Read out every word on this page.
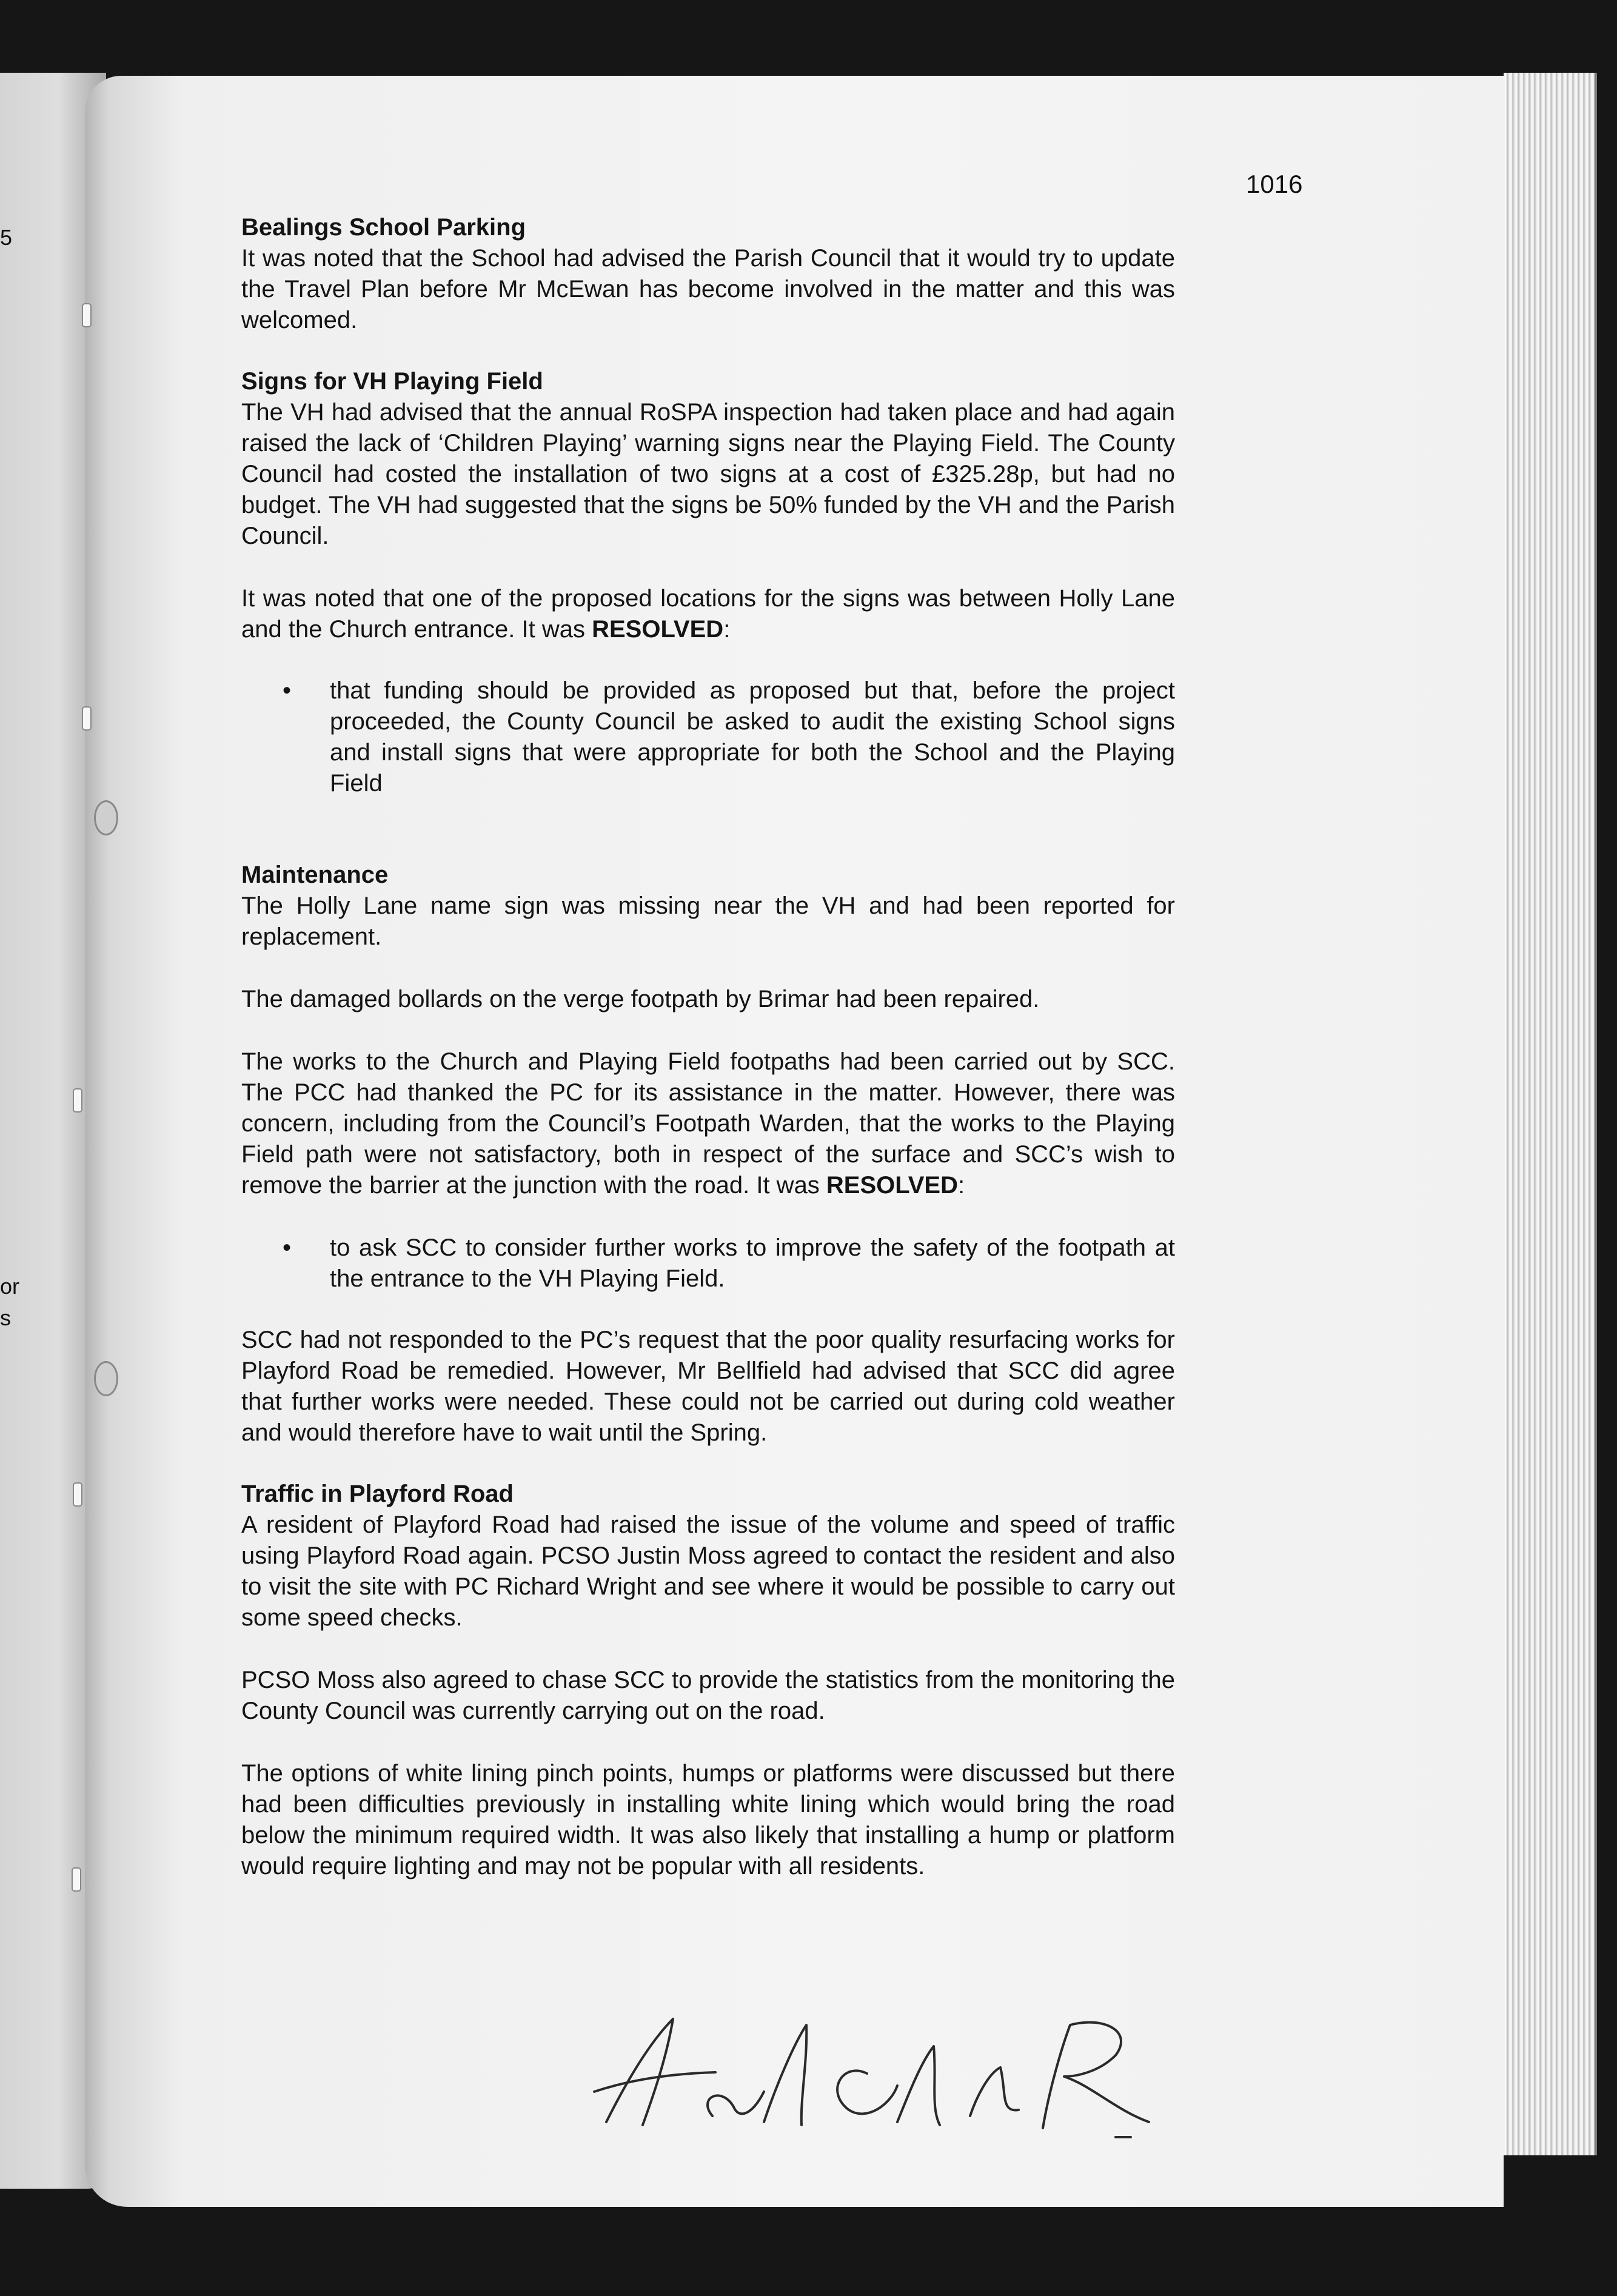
5
or
s
1016
Bealings School Parking

It was noted that the School had advised the Parish Council that it would try to update the Travel Plan before Mr McEwan has become involved in the matter and this was welcomed.

Signs for VH Playing Field

The VH had advised that the annual RoSPA inspection had taken place and had again raised the lack of ‘Children Playing’ warning signs near the Playing Field. The County Council had costed the installation of two signs at a cost of £325.28p, but had no budget. The VH had suggested that the signs be 50% funded by the VH and the Parish Council.

It was noted that one of the proposed locations for the signs was between Holly Lane and the Church entrance. It was RESOLVED:

• that funding should be provided as proposed but that, before the project proceeded, the County Council be asked to audit the existing School signs and install signs that were appropriate for both the School and the Playing Field
Maintenance

The Holly Lane name sign was missing near the VH and had been reported for replacement.

The damaged bollards on the verge footpath by Brimar had been repaired.

The works to the Church and Playing Field footpaths had been carried out by SCC. The PCC had thanked the PC for its assistance in the matter. However, there was concern, including from the Council’s Footpath Warden, that the works to the Playing Field path were not satisfactory, both in respect of the surface and SCC’s wish to remove the barrier at the junction with the road. It was RESOLVED:

• to ask SCC to consider further works to improve the safety of the footpath at the entrance to the VH Playing Field.

SCC had not responded to the PC’s request that the poor quality resurfacing works for Playford Road be remedied. However, Mr Bellfield had advised that SCC did agree that further works were needed. These could not be carried out during cold weather and would therefore have to wait until the Spring.

Traffic in Playford Road

A resident of Playford Road had raised the issue of the volume and speed of traffic using Playford Road again. PCSO Justin Moss agreed to contact the resident and also to visit the site with PC Richard Wright and see where it would be possible to carry out some speed checks.

PCSO Moss also agreed to chase SCC to provide the statistics from the monitoring the County Council was currently carrying out on the road.

The options of white lining pinch points, humps or platforms were discussed but there had been difficulties previously in installing white lining which would bring the road below the minimum required width. It was also likely that installing a hump or platform would require lighting and may not be popular with all residents.
